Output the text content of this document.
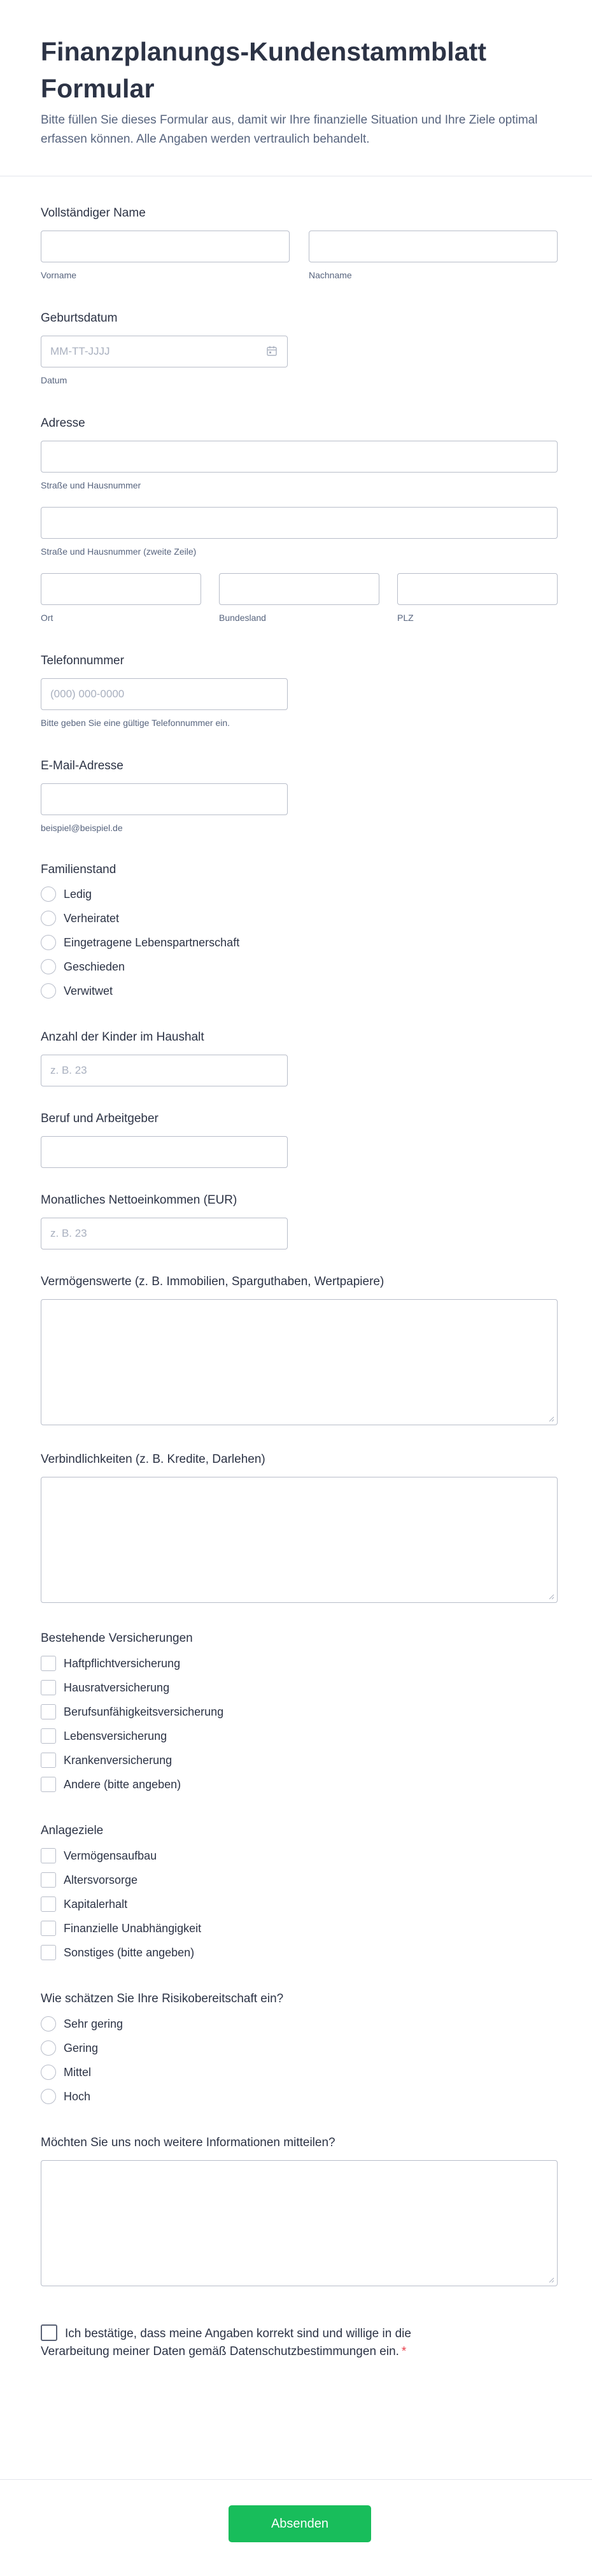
Finanzplanungs-Kundenstammblatt Formular
Bitte füllen Sie dieses Formular aus, damit wir Ihre finanzielle Situation und Ihre Ziele optimal erfassen können. Alle Angaben werden vertraulich behandelt.
Vollständiger Name
Vorname	Nachname
Geburtsdatum
MM-TT-JJJJ
Datum
Adresse
Straße und Hausnummer
Straße und Hausnummer (zweite Zeile)
Ort	Bundesland	PLZ
Telefonnummer
(000) 000-0000
Bitte geben Sie eine gültige Telefonnummer ein.
E-Mail-Adresse
beispiel@beispiel.de
Familienstand
Ledig
Verheiratet
Eingetragene Lebenspartnerschaft
Geschieden
Verwitwet
Anzahl der Kinder im Haushalt
z. B. 23
Beruf und Arbeitgeber
Monatliches Nettoeinkommen (EUR)
z. B. 23
Vermögenswerte (z. B. Immobilien, Sparguthaben, Wertpapiere)
Verbindlichkeiten (z. B. Kredite, Darlehen)
Bestehende Versicherungen
Haftpflichtversicherung
Hausratversicherung
Berufsunfähigkeitsversicherung
Lebensversicherung
Krankenversicherung
Andere (bitte angeben)
Anlageziele
Vermögensaufbau
Altersvorsorge
Kapitalerhalt
Finanzielle Unabhängigkeit
Sonstiges (bitte angeben)
Wie schätzen Sie Ihre Risikobereitschaft ein?
Sehr gering
Gering
Mittel
Hoch
Möchten Sie uns noch weitere Informationen mitteilen?
Ich bestätige, dass meine Angaben korrekt sind und willige in die
Verarbeitung meiner Daten gemäß Datenschutzbestimmungen ein. *
Absenden
